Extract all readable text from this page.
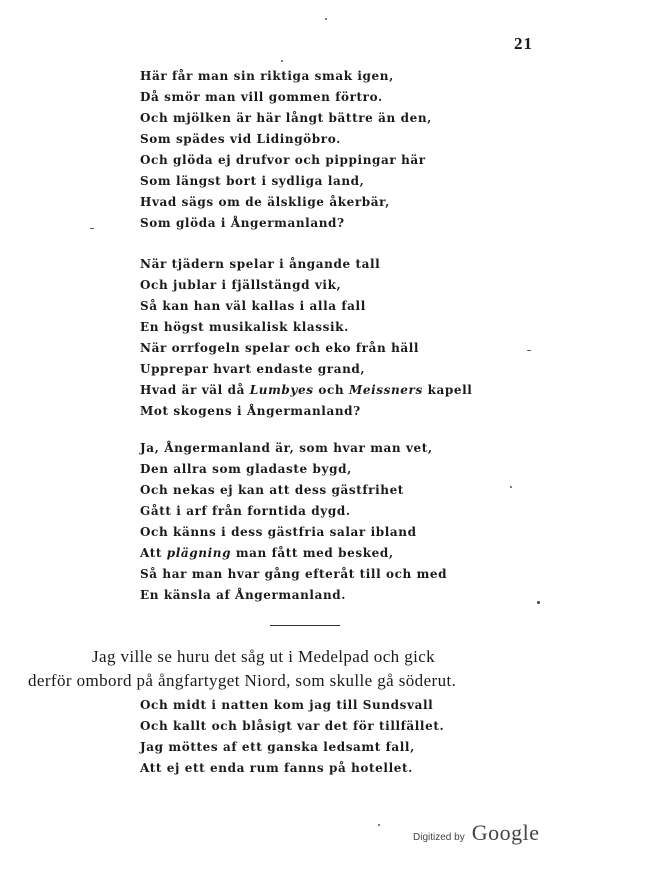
21
Här får man sin riktiga smak igen,
Då smör man vill gommen förtro.
Och mjölken är här långt bättre än den,
Som spädes vid Lidingöbro.
Och glöda ej drufvor och pippingar här
Som längst bort i sydliga land,
Hvad sägs om de älsklige åkerbär,
Som glöda i Ångermanland?
När tjädern spelar i ångande tall
Och jublar i fjällstängd vik,
Så kan han väl kallas i alla fall
En högst musikalisk klassik.
När orrfogeln spelar och eko från häll
Upprepar hvart endaste grand,
Hvad är väl då Lumbyes och Meissners kapell
Mot skogens i Ångermanland?
Ja, Ångermanland är, som hvar man vet,
Den allra som gladaste bygd,
Och nekas ej kan att dess gästfrihet
Gått i arf från forntida dygd.
Och känns i dess gästfria salar ibland
Att plägning man fått med besked,
Så har man hvar gång efteråt till och med
En känsla af Ångermanland.
Jag ville se huru det såg ut i Medelpad och gick
derför ombord på ångfartyget Niord, som skulle gå söderut.
Och midt i natten kom jag till Sundsvall
Och kallt och blåsigt var det för tillfället.
Jag möttes af ett ganska ledsamt fall,
Att ej ett enda rum fanns på hotellet.
Digitized by Google
